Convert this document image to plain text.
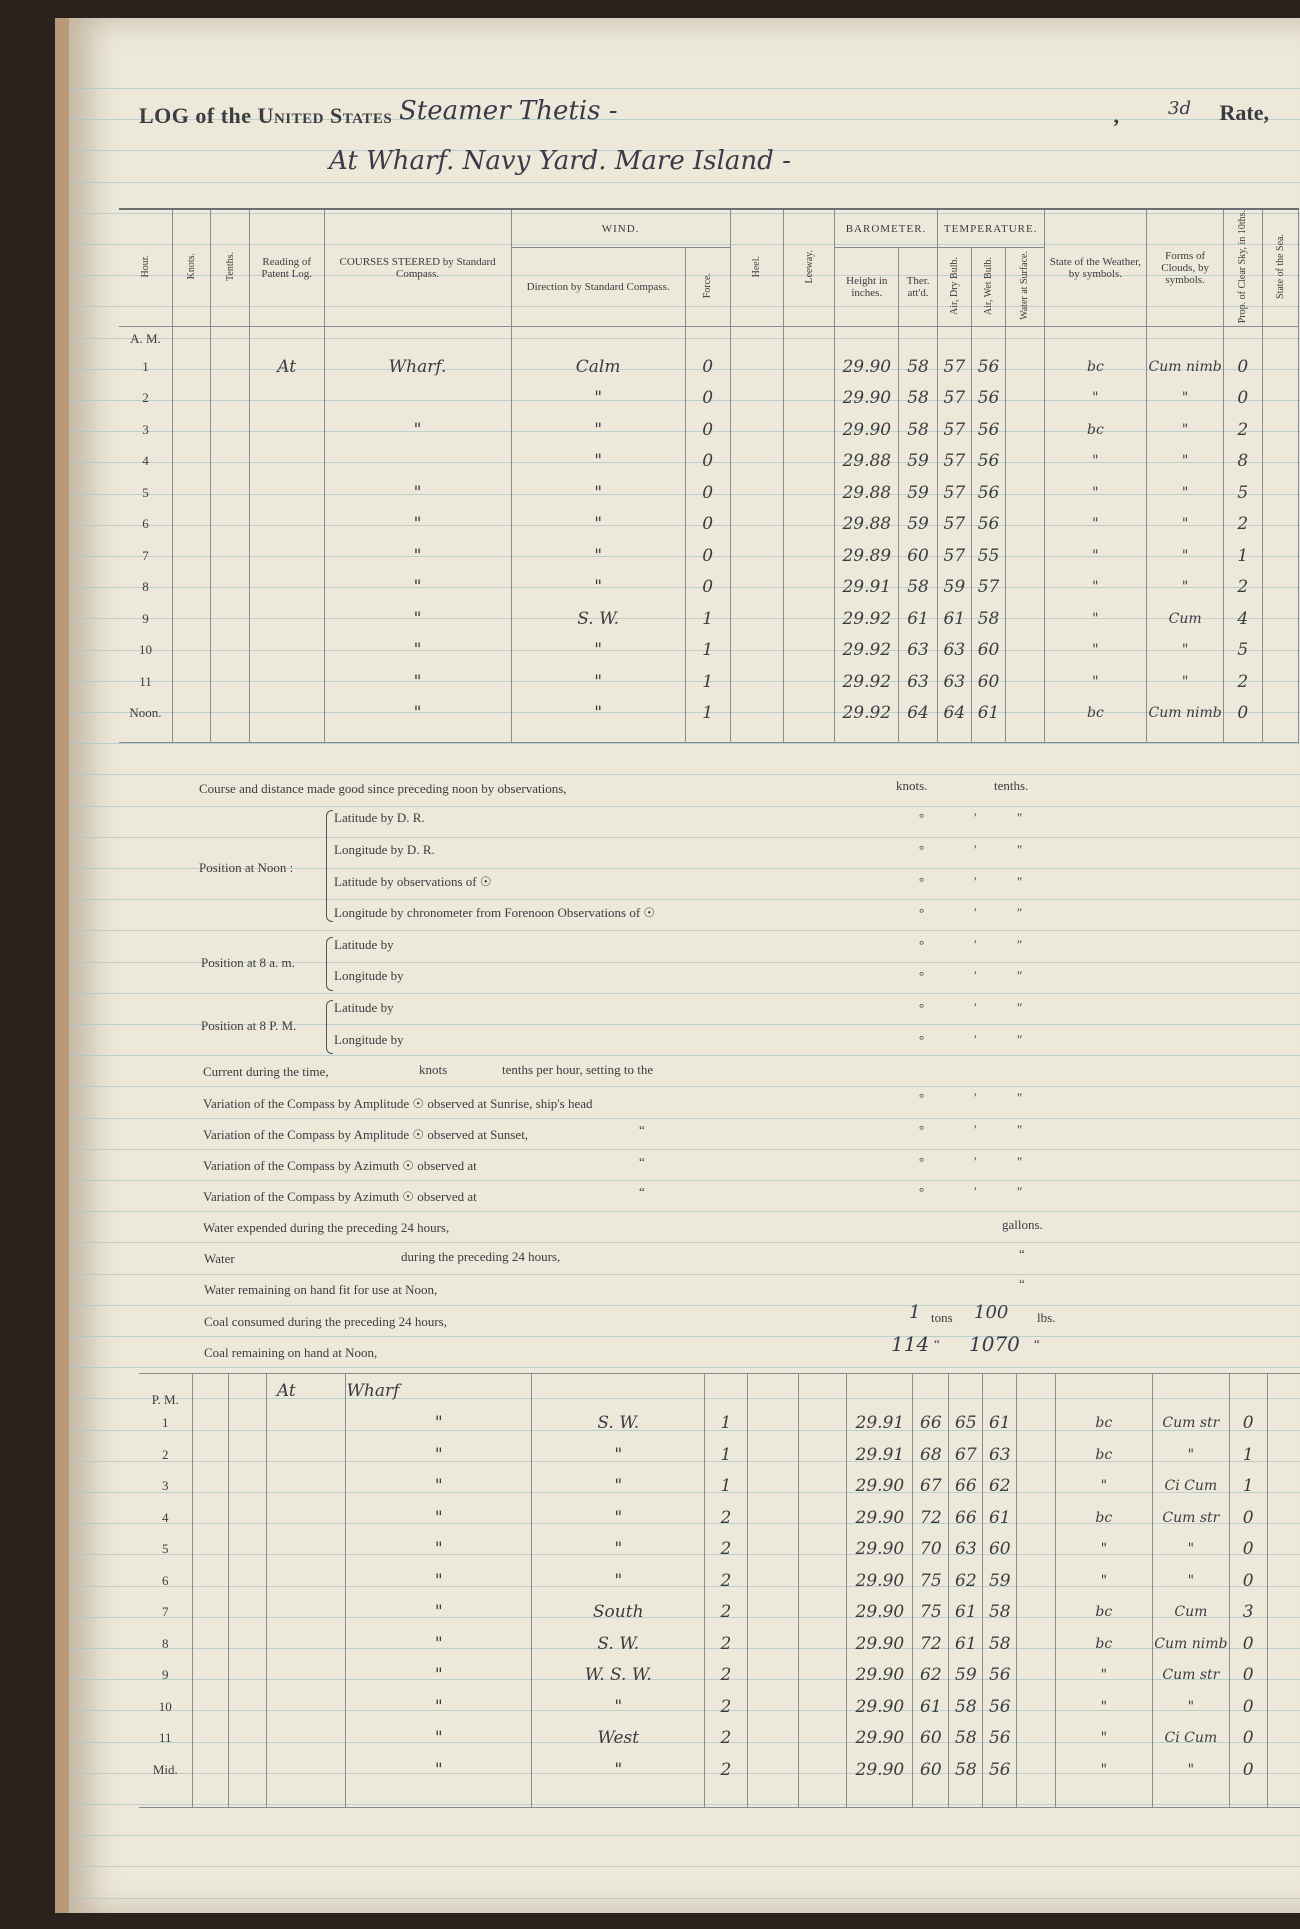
LOG of the United States Steamer Thetis -
At Wharf. Navy Yard. Mare Island -
,	3d Rate,
Hour.	Knots.	Tenths.	Reading of Patent Log.	COURSES STEERED by Standard Compass.	WIND.		Heel.	Leeway.	BAROMETER.		TEMPERATURE.			State of the Weather, by symbols.	Forms of Clouds, by symbols.	Prop. of Clear Sky, in 10ths.	State of the Sea.
					Direction by Standard Compass.	Force.			Height in inches.	Ther. att'd.	Air, Dry Bulb.	Air, Wet Bulb.	Water at Surface.				
A. M.																	
1			At	Wharf.	Calm	0			29.90	58	57	56		bc	Cum nimb	0	
2					"	0			29.90	58	57	56		"	"	0	
3				"	"	0			29.90	58	57	56		bc	"	2	
4					"	0			29.88	59	57	56		"	"	8	
5				"	"	0			29.88	59	57	56		"	"	5	
6				"	"	0			29.88	59	57	56		"	"	2	
7				"	"	0			29.89	60	57	55		"	"	1	
8				"	"	0			29.91	58	59	57		"	"	2	
9				"	S. W.	1			29.92	61	61	58		"	Cum	4	
10				"	"	1			29.92	63	63	60		"	"	5	
11				"	"	1			29.92	63	63	60		"	"	2	
Noon.				"	"	1			29.92	64	64	61		bc	Cum nimb	0	

Course and distance made good since preceding noon by observations,	knots.	tenths.
Position at Noon :
Latitude by D. R.	°	′	″
Longitude by D. R.	°	′	″
Latitude by observations of ☉	°	′	″
Longitude by chronometer from Forenoon Observations of ☉	°	′	″
Position at 8 a. m.
Latitude by	°	′	″
Longitude by	°	′	″
Position at 8 P. M.
Latitude by	°	′	″
Longitude by	°	′	″
Current during the time,	knots	tenths per hour, setting to the
Variation of the Compass by Amplitude ☉ observed at Sunrise, ship's head	°	′	″
Variation of the Compass by Amplitude ☉ observed at Sunset,	“	°	′	″
Variation of the Compass by Azimuth ☉ observed at	“	°	′	″
Variation of the Compass by Azimuth ☉ observed at	“	°	′	″
Water expended during the preceding 24 hours,	gallons.
Water	during the preceding 24 hours,	“
Water remaining on hand fit for use at Noon,	“
Coal consumed during the preceding 24 hours,	1 tons 100 lbs.
Coal remaining on hand at Noon,	114 “ 1070 “
P. M.			At	Wharf													
1				"	S. W.	1			29.91	66	65	61		bc	Cum str	0	
2				"	"	1			29.91	68	67	63		bc	"	1	
3				"	"	1			29.90	67	66	62		"	Ci Cum	1	
4				"	"	2			29.90	72	66	61		bc	Cum str	0	
5				"	"	2			29.90	70	63	60		"	"	0	
6				"	"	2			29.90	75	62	59		"	"	0	
7				"	South	2			29.90	75	61	58		bc	Cum	3	
8				"	S. W.	2			29.90	72	61	58		bc	Cum nimb	0	
9				"	W. S. W.	2			29.90	62	59	56		"	Cum str	0	
10				"	"	2			29.90	61	58	56		"	"	0	
11				"	West	2			29.90	60	58	56		"	Ci Cum	0	
Mid.				"	"	2			29.90	60	58	56		"	"	0	
